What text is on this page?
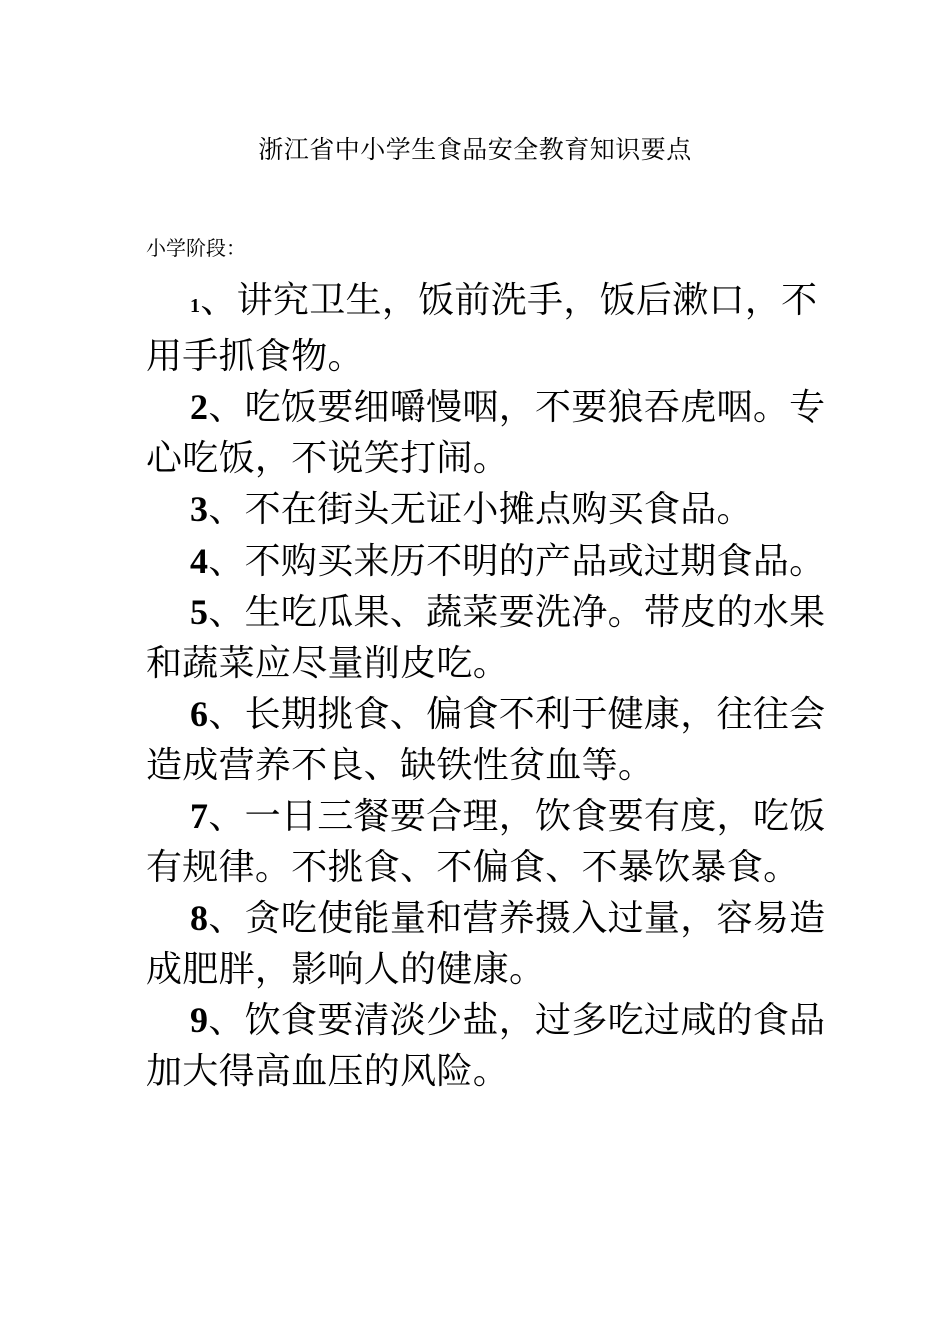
浙江省中小学生食品安全教育知识要点
小学阶段：
1、讲究卫生，饭前洗手，饭后漱口，不用手抓食物。
2、吃饭要细嚼慢咽，不要狼吞虎咽。专心吃饭，不说笑打闹。
3、不在街头无证小摊点购买食品。
4、不购买来历不明的产品或过期食品。
5、生吃瓜果、蔬菜要洗净。带皮的水果和蔬菜应尽量削皮吃。
6、长期挑食、偏食不利于健康，往往会造成营养不良、缺铁性贫血等。
7、一日三餐要合理，饮食要有度，吃饭有规律。不挑食、不偏食、不暴饮暴食。
8、贪吃使能量和营养摄入过量，容易造成肥胖，影响人的健康。
9、饮食要清淡少盐，过多吃过咸的食品加大得高血压的风险。
